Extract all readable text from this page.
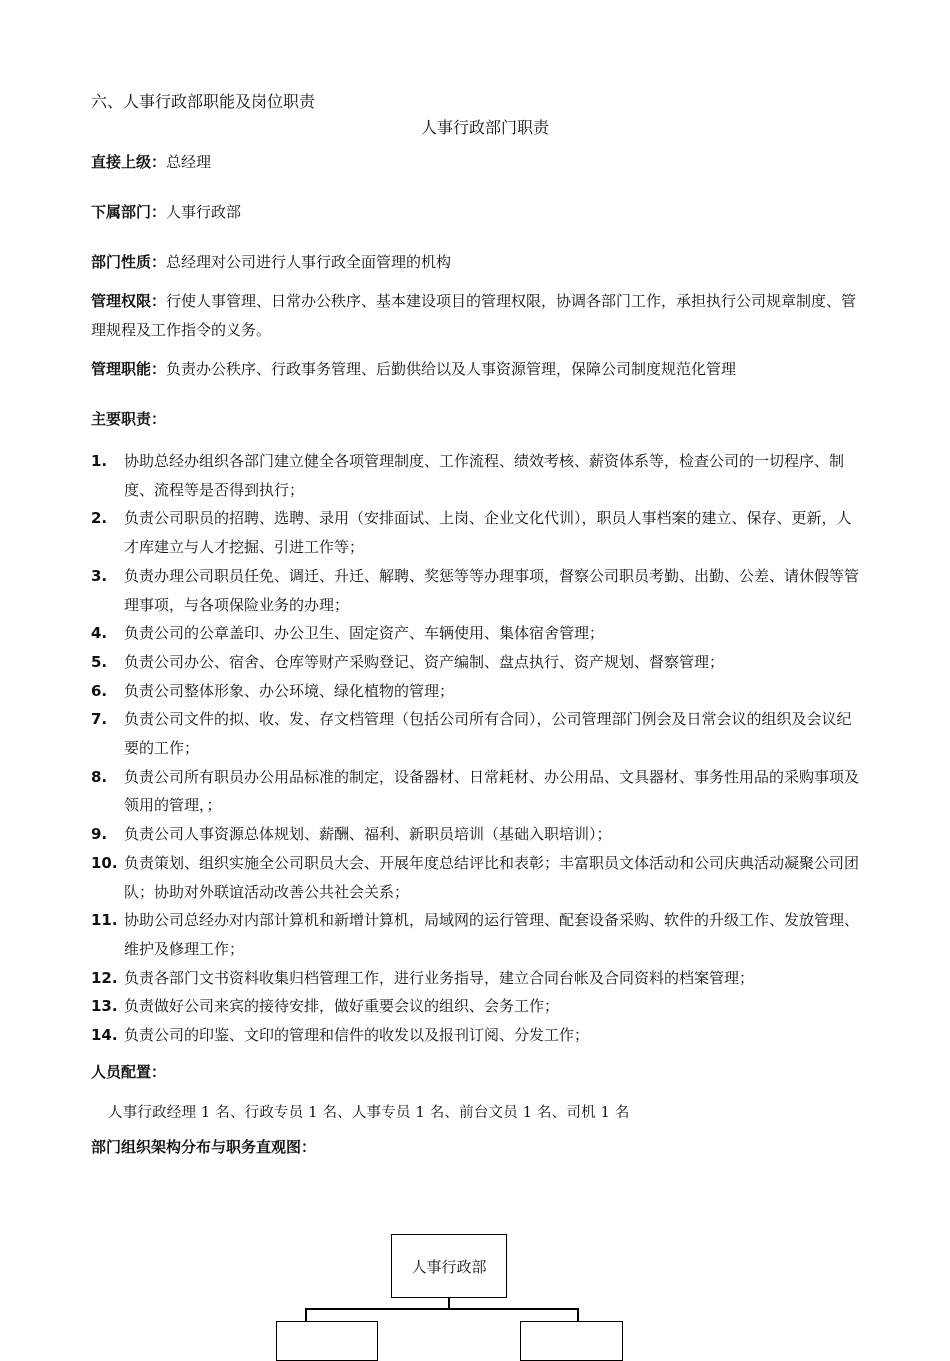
六、人事行政部职能及岗位职责
人事行政部门职责
直接上级：总经理
下属部门：人事行政部
部门性质：总经理对公司进行人事行政全面管理的机构
管理权限：行使人事管理、日常办公秩序、基本建设项目的管理权限，协调各部门工作，承担执行公司规章制度、管理规程及工作指令的义务。
管理职能：负责办公秩序、行政事务管理、后勤供给以及人事资源管理，保障公司制度规范化管理
主要职责：
1. 协助总经办组织各部门建立健全各项管理制度、工作流程、绩效考核、薪资体系等，检查公司的一切程序、制度、流程等是否得到执行；
2. 负责公司职员的招聘、选聘、录用（安排面试、上岗、企业文化代训），职员人事档案的建立、保存、更新，人才库建立与人才挖掘、引进工作等；
3. 负责办理公司职员任免、调迁、升迁、解聘、奖惩等等办理事项，督察公司职员考勤、出勤、公差、请休假等管理事项，与各项保险业务的办理；
4. 负责公司的公章盖印、办公卫生、固定资产、车辆使用、集体宿舍管理；
5. 负责公司办公、宿舍、仓库等财产采购登记、资产编制、盘点执行、资产规划、督察管理；
6. 负责公司整体形象、办公环境、绿化植物的管理；
7. 负责公司文件的拟、收、发、存文档管理（包括公司所有合同），公司管理部门例会及日常会议的组织及会议纪要的工作；
8. 负责公司所有职员办公用品标准的制定，设备器材、日常耗材、办公用品、文具器材、事务性用品的采购事项及领用的管理，；
9. 负责公司人事资源总体规划、薪酬、福利、新职员培训（基础入职培训）；
10. 负责策划、组织实施全公司职员大会、开展年度总结评比和表彰；丰富职员文体活动和公司庆典活动凝聚公司团队；协助对外联谊活动改善公共社会关系；
11. 协助公司总经办对内部计算机和新增计算机，局域网的运行管理、配套设备采购、软件的升级工作、发放管理、维护及修理工作；
12. 负责各部门文书资料收集归档管理工作，进行业务指导，建立合同台帐及合同资料的档案管理；
13. 负责做好公司来宾的接待安排，做好重要会议的组织、会务工作；
14. 负责公司的印鉴、文印的管理和信件的收发以及报刊订阅、分发工作；
人员配置：
人事行政经理 1 名、行政专员 1 名、人事专员 1 名、前台文员 1 名、司机 1 名
部门组织架构分布与职务直观图：
人事行政部
